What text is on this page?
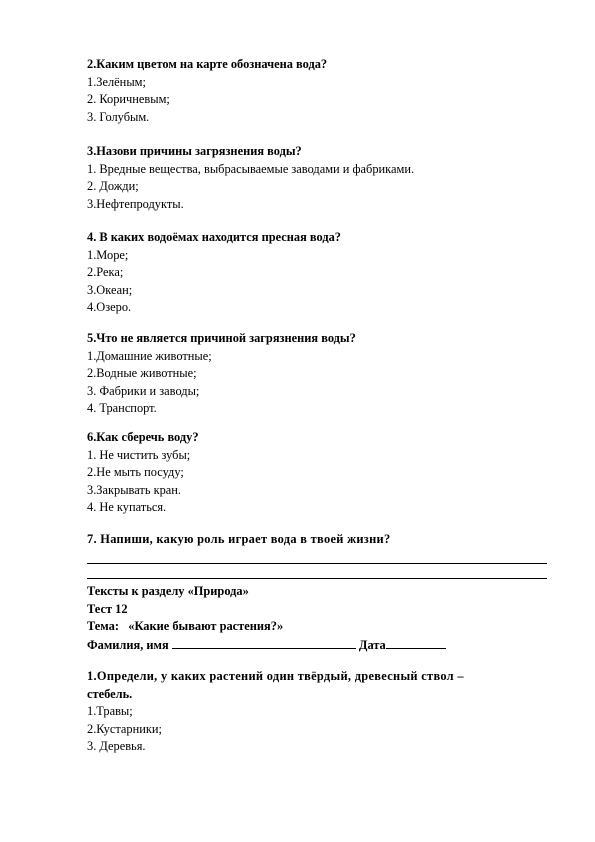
2.Каким цветом на карте обозначена вода?
1.Зелёным;
2. Коричневым;
3. Голубым.
3.Назови причины загрязнения воды?
1. Вредные вещества, выбрасываемые заводами и фабриками.
2. Дожди;
3.Нефтепродукты.
4. В каких водоёмах находится пресная вода?
1.Море;
2.Река;
3.Океан;
4.Озеро.
5.Что не является причиной загрязнения воды?
1.Домашние животные;
2.Водные животные;
3. Фабрики и заводы;
4. Транспорт.
6.Как сберечь воду?
1. Не чистить зубы;
2.Не мыть посуду;
3.Закрывать кран.
4. Не купаться.
7. Напиши, какую роль играет вода в твоей жизни?
Тексты к разделу «Природа»
Тест 12
Тема: «Какие бывают растения?»
Фамилия, имя	Дата
1.Определи, у каких растений один твёрдый, древесный ствол –
стебель.
1.Травы;
2.Кустарники;
3. Деревья.
